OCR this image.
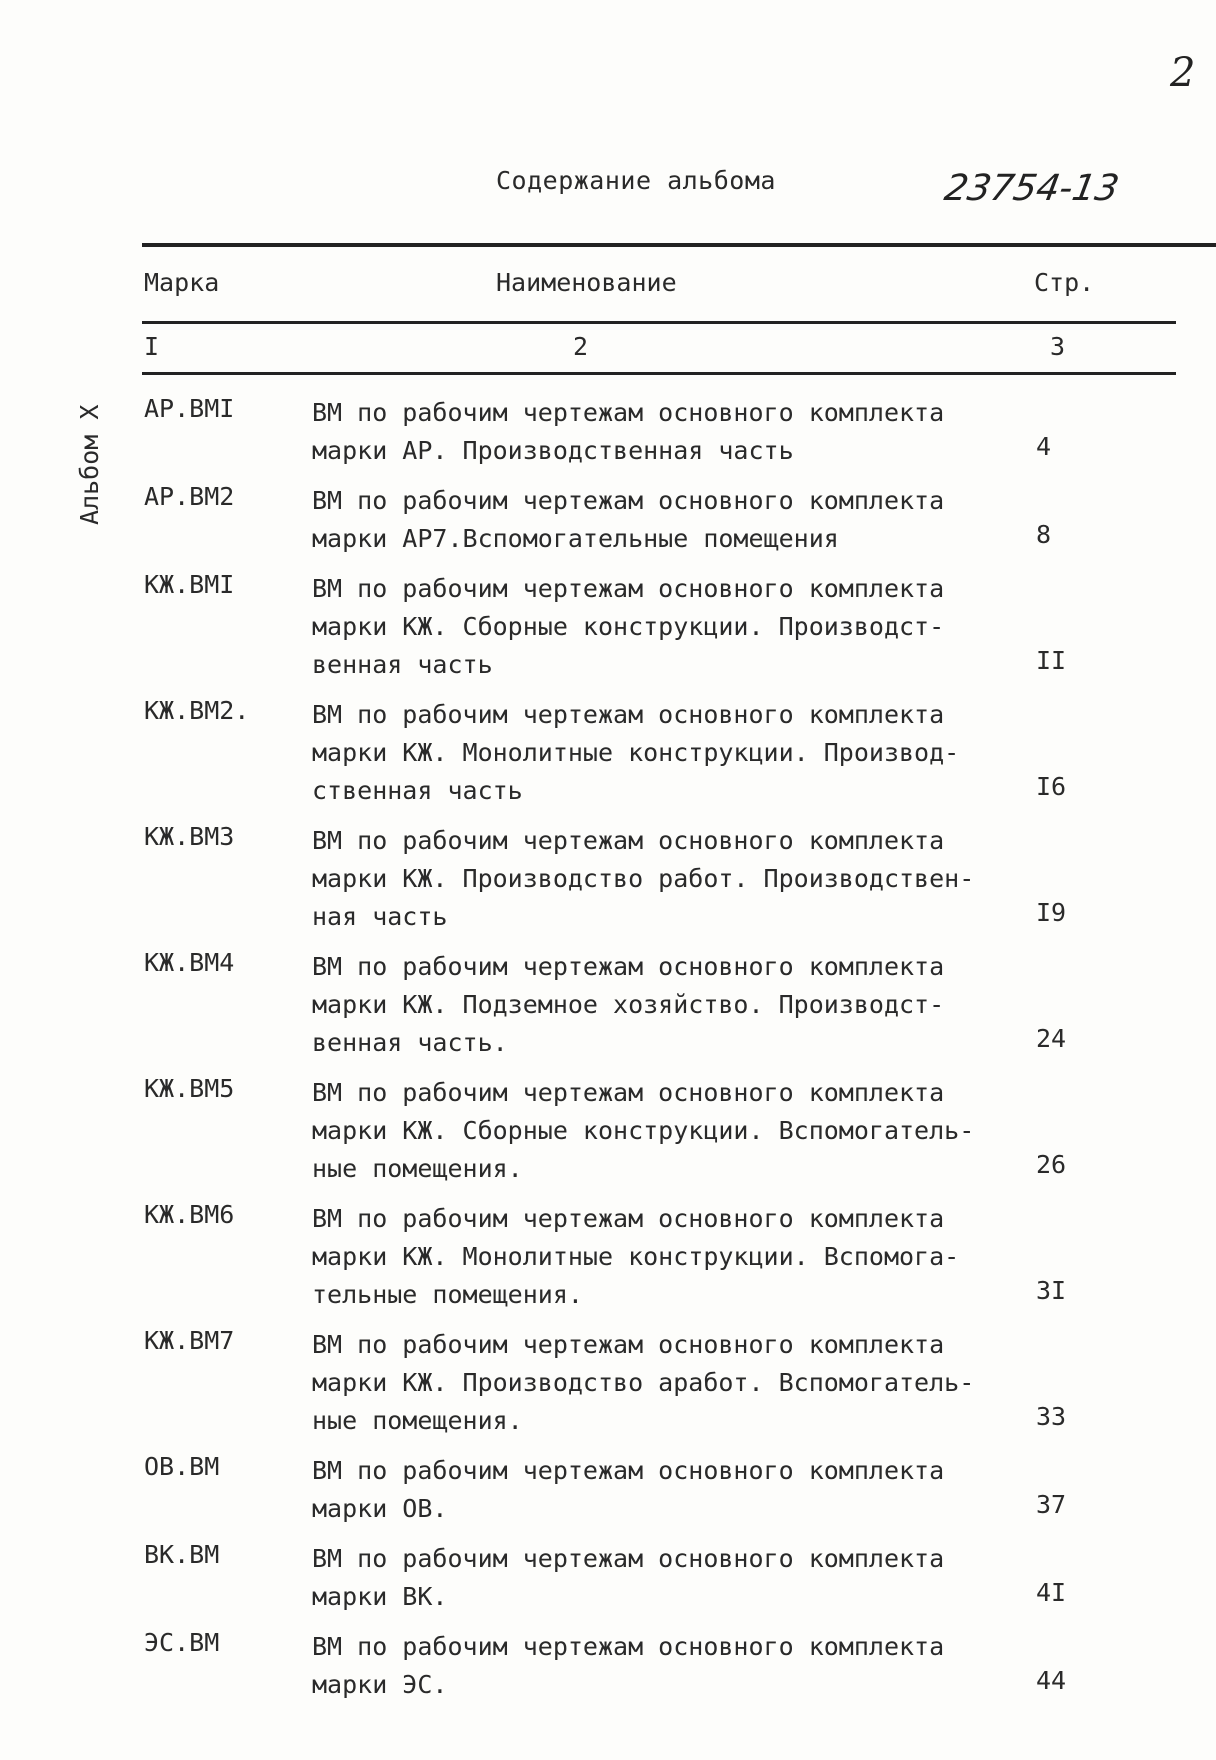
2
Содержание альбома	23754-13
Альбом Х
Марка	Наименование	Стр.
I	2	3
АР.ВМI	ВМ по рабочим чертежам основного комплекта
марки АР. Производственная часть	4
АР.ВМ2	ВМ по рабочим чертежам основного комплекта
марки АР7.Вспомогательные помещения	8
КЖ.ВМI	ВМ по рабочим чертежам основного комплекта
марки КЖ. Сборные конструкции. Производст-
венная часть	II
КЖ.ВМ2.	ВМ по рабочим чертежам основного комплекта
марки КЖ. Монолитные конструкции. Производ-
ственная часть	I6
КЖ.ВМ3	ВМ по рабочим чертежам основного комплекта
марки КЖ. Производство работ. Производствен-
ная часть	I9
КЖ.ВМ4	ВМ по рабочим чертежам основного комплекта
марки КЖ. Подземное хозяйство. Производст-
венная часть.	24
КЖ.ВМ5	ВМ по рабочим чертежам основного комплекта
марки КЖ. Сборные конструкции. Вспомогатель-
ные помещения.	26
КЖ.ВМ6	ВМ по рабочим чертежам основного комплекта
марки КЖ. Монолитные конструкции. Вспомога-
тельные помещения.	3I
КЖ.ВМ7	ВМ по рабочим чертежам основного комплекта
марки КЖ. Производство аработ. Вспомогатель-
ные помещения.	33
ОВ.ВМ	ВМ по рабочим чертежам основного комплекта
марки ОВ.	37
ВК.ВМ	ВМ по рабочим чертежам основного комплекта
марки ВК.	4I
ЭС.ВМ	ВМ по рабочим чертежам основного комплекта
марки ЭС.	44
